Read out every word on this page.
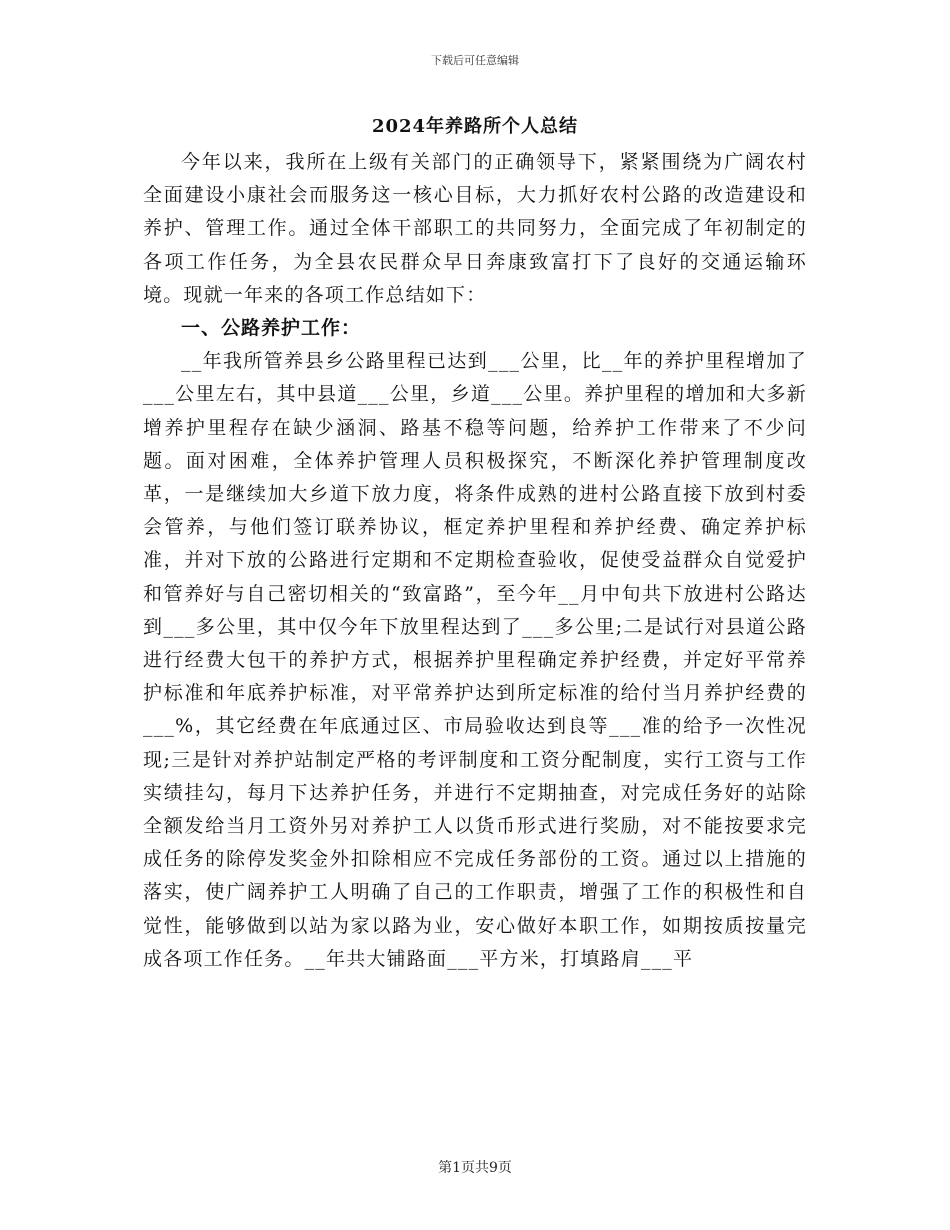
下载后可任意编辑
2024年养路所个人总结

今年以来，我所在上级有关部门的正确领导下，紧紧围绕为广阔农村全面建设小康社会而服务这一核心目标，大力抓好农村公路的改造建设和养护、管理工作。通过全体干部职工的共同努力，全面完成了年初制定的各项工作任务，为全县农民群众早日奔康致富打下了良好的交通运输环境。现就一年来的各项工作总结如下：

一、公路养护工作：

__年我所管养县乡公路里程已达到___公里，比__年的养护里程增加了___公里左右，其中县道___公里，乡道___公里。养护里程的增加和大多新增养护里程存在缺少涵洞、路基不稳等问题，给养护工作带来了不少问题。面对困难，全体养护管理人员积极探究，不断深化养护管理制度改革，一是继续加大乡道下放力度，将条件成熟的进村公路直接下放到村委会管养，与他们签订联养协议，框定养护里程和养护经费、确定养护标准，并对下放的公路进行定期和不定期检查验收，促使受益群众自觉爱护和管养好与自己密切相关的“致富路”，至今年__月中旬共下放进村公路达到___多公里，其中仅今年下放里程达到了___多公里;二是试行对县道公路进行经费大包干的养护方式，根据养护里程确定养护经费，并定好平常养护标准和年底养护标准，对平常养护达到所定标准的给付当月养护经费的___%，其它经费在年底通过区、市局验收达到良等___准的给予一次性况现;三是针对养护站制定严格的考评制度和工资分配制度，实行工资与工作实绩挂勾，每月下达养护任务，并进行不定期抽查，对完成任务好的站除全额发给当月工资外另对养护工人以货币形式进行奖励，对不能按要求完成任务的除停发奖金外扣除相应不完成任务部份的工资。通过以上措施的落实，使广阔养护工人明确了自己的工作职责，增强了工作的积极性和自觉性，能够做到以站为家以路为业，安心做好本职工作，如期按质按量完成各项工作任务。__年共大铺路面___平方米，打填路肩___平

第1页共9页
